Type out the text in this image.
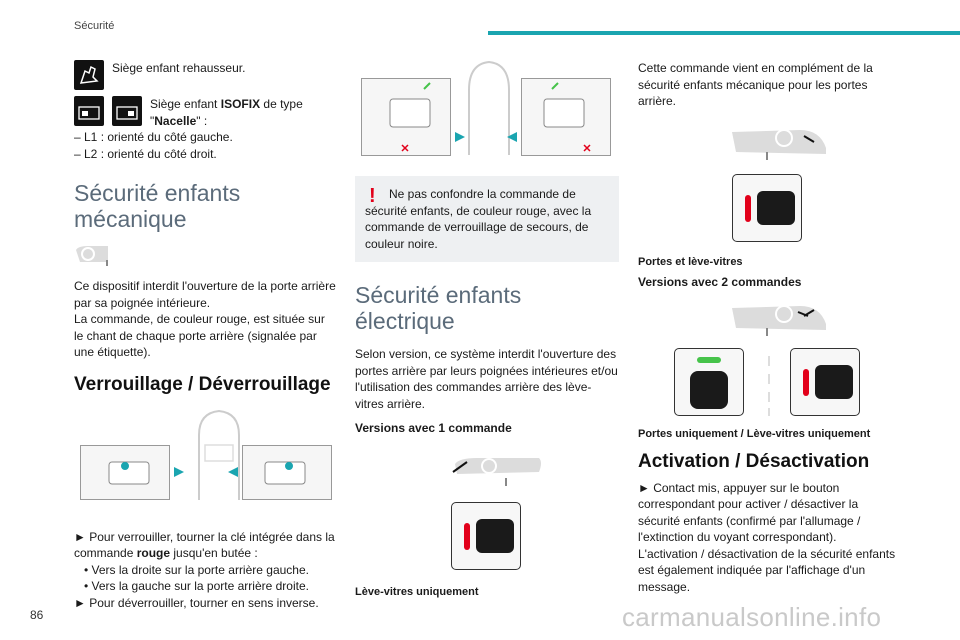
Sécurité

Siège enfant rehausseur.

Siège enfant ISOFIX de type
"Nacelle" :

– L1 : orienté du côté gauche.

– L2 : orienté du côté droit.

Sécurité enfants mécanique

Ce dispositif interdit l'ouverture de la porte arrière par sa poignée intérieure.

La commande, de couleur rouge, est située sur le chant de chaque porte arrière (signalée par une étiquette).

Verrouillage / Déverrouillage

► Pour verrouiller, tourner la clé intégrée dans la commande rouge jusqu'en butée :

• Vers la droite sur la porte arrière gauche.

• Vers la gauche sur la porte arrière droite.

► Pour déverrouiller, tourner en sens inverse.

!	Ne pas confondre la commande de sécurité enfants, de couleur rouge, avec la commande de verrouillage de secours, de couleur noire.

Sécurité enfants électrique

Selon version, ce système interdit l'ouverture des portes arrière par leurs poignées intérieures et/ou l'utilisation des commandes arrière des lève-vitres arrière.

Versions avec 1 commande
Lève-vitres uniquement

Cette commande vient en complément de la sécurité enfants mécanique pour les portes arrière.

Portes et lève-vitres
Versions avec 2 commandes
Portes uniquement / Lève-vitres uniquement
Activation / Désactivation

► Contact mis, appuyer sur le bouton correspondant pour activer / désactiver la sécurité enfants (confirmé par l'allumage / l'extinction du voyant correspondant).

L'activation / désactivation de la sécurité enfants est également indiquée par l'affichage d'un message.

86	carmanualsonline.info
